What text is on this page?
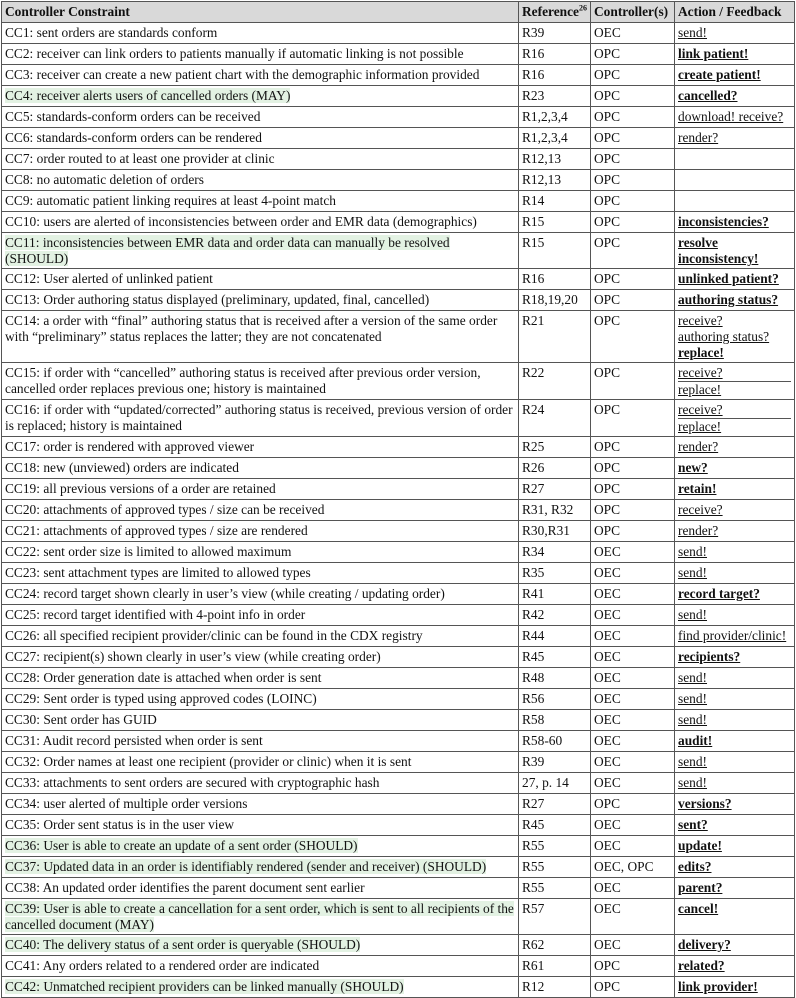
Controller Constraint	Reference$^{26}$	Controller(s)	Action / Feedback
CC1: sent orders are standards conform	R39	OEC	send!

CC2: receiver can link orders to patients manually if automatic linking is not possible	R16	OPC	link patient!

CC3: receiver can create a new patient chart with the demographic information provided	R16	OPC	create patient!

CC4: receiver alerts users of cancelled orders (MAY)	R23	OPC	cancelled?

CC5: standards-conform orders can be received	R1,2,3,4	OPC	download! receive?

CC6: standards-conform orders can be rendered	R1,2,3,4	OPC	render?

CC7: order routed to at least one provider at clinic	R12,13	OPC	
CC8: no automatic deletion of orders	R12,13	OPC	
CC9: automatic patient linking requires at least 4-point match	R14	OPC	
CC10: users are alerted of inconsistencies between order and EMR data (demographics)	R15	OPC	inconsistencies?

CC11: inconsistencies between EMR data and order data can manually be resolved (SHOULD)	R15	OPC	resolve inconsistency!

CC12: User alerted of unlinked patient	R16	OPC	unlinked patient?

CC13: Order authoring status displayed (preliminary, updated, final, cancelled)	R18,19,20	OPC	authoring status?

CC14: a order with “final” authoring status that is received after a version of the same order with “preliminary” status replaces the latter; they are not concatenated	R21	OPC	receive?
authoring status?
replace!

CC15: if order with “cancelled” authoring status is received after previous order version, cancelled order replaces previous one; history is maintained	R22	OPC	receive?
replace!

CC16: if order with “updated/corrected” authoring status is received, previous version of order is replaced; history is maintained	R24	OPC	receive?
replace!

CC17: order is rendered with approved viewer	R25	OPC	render?

CC18: new (unviewed) orders are indicated	R26	OPC	new?

CC19: all previous versions of a order are retained	R27	OPC	retain!

CC20: attachments of approved types / size can be received	R31, R32	OPC	receive?

CC21: attachments of approved types / size are rendered	R30,R31	OPC	render?

CC22: sent order size is limited to allowed maximum	R34	OEC	send!

CC23: sent attachment types are limited to allowed types	R35	OEC	send!

CC24: record target shown clearly in user’s view (while creating / updating order)	R41	OEC	record target?

CC25: record target identified with 4-point info in order	R42	OEC	send!

CC26: all specified recipient provider/clinic can be found in the CDX registry	R44	OEC	find provider/clinic!

CC27: recipient(s) shown clearly in user’s view (while creating order)	R45	OEC	recipients?

CC28: Order generation date is attached when order is sent	R48	OEC	send!

CC29: Sent order is typed using approved codes (LOINC)	R56	OEC	send!

CC30: Sent order has GUID	R58	OEC	send!

CC31: Audit record persisted when order is sent	R58-60	OEC	audit!

CC32: Order names at least one recipient (provider or clinic) when it is sent	R39	OEC	send!

CC33: attachments to sent orders are secured with cryptographic hash	27, p. 14	OEC	send!

CC34: user alerted of multiple order versions	R27	OPC	versions?

CC35: Order sent status is in the user view	R45	OEC	sent?

CC36: User is able to create an update of a sent order (SHOULD)	R55	OEC	update!

CC37: Updated data in an order is identifiably rendered (sender and receiver) (SHOULD)	R55	OEC, OPC	edits?

CC38: An updated order identifies the parent document sent earlier	R55	OEC	parent?

CC39: User is able to create a cancellation for a sent order, which is sent to all recipients of the cancelled document (MAY)	R57	OEC	cancel!

CC40: The delivery status of a sent order is queryable (SHOULD)	R62	OEC	delivery?

CC41: Any orders related to a rendered order are indicated	R61	OPC	related?

CC42: Unmatched recipient providers can be linked manually (SHOULD)	R12	OPC	link provider!
